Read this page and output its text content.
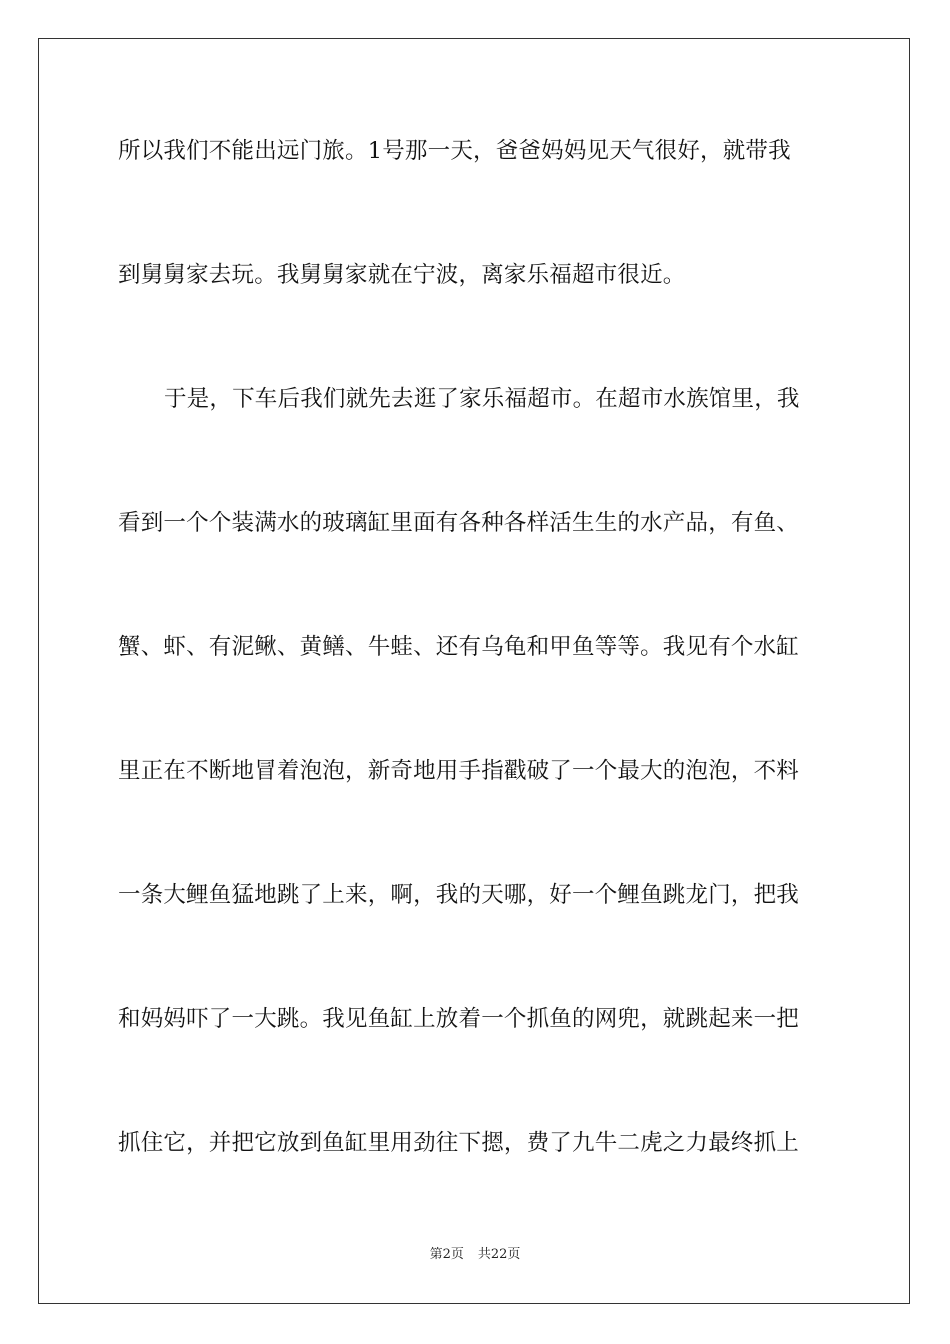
所以我们不能出远门旅。1号那一天，爸爸妈妈见天气很好，就带我
到舅舅家去玩。我舅舅家就在宁波，离家乐福超市很近。
于是，下车后我们就先去逛了家乐福超市。在超市水族馆里，我
看到一个个装满水的玻璃缸里面有各种各样活生生的水产品，有鱼、
蟹、虾、有泥鳅、黄鳝、牛蛙、还有乌龟和甲鱼等等。我见有个水缸
里正在不断地冒着泡泡，新奇地用手指戳破了一个最大的泡泡，不料
一条大鲤鱼猛地跳了上来，啊，我的天哪，好一个鲤鱼跳龙门，把我
和妈妈吓了一大跳。我见鱼缸上放着一个抓鱼的网兜，就跳起来一把
抓住它，并把它放到鱼缸里用劲往下摁，费了九牛二虎之力最终抓上
第2页 共22页
